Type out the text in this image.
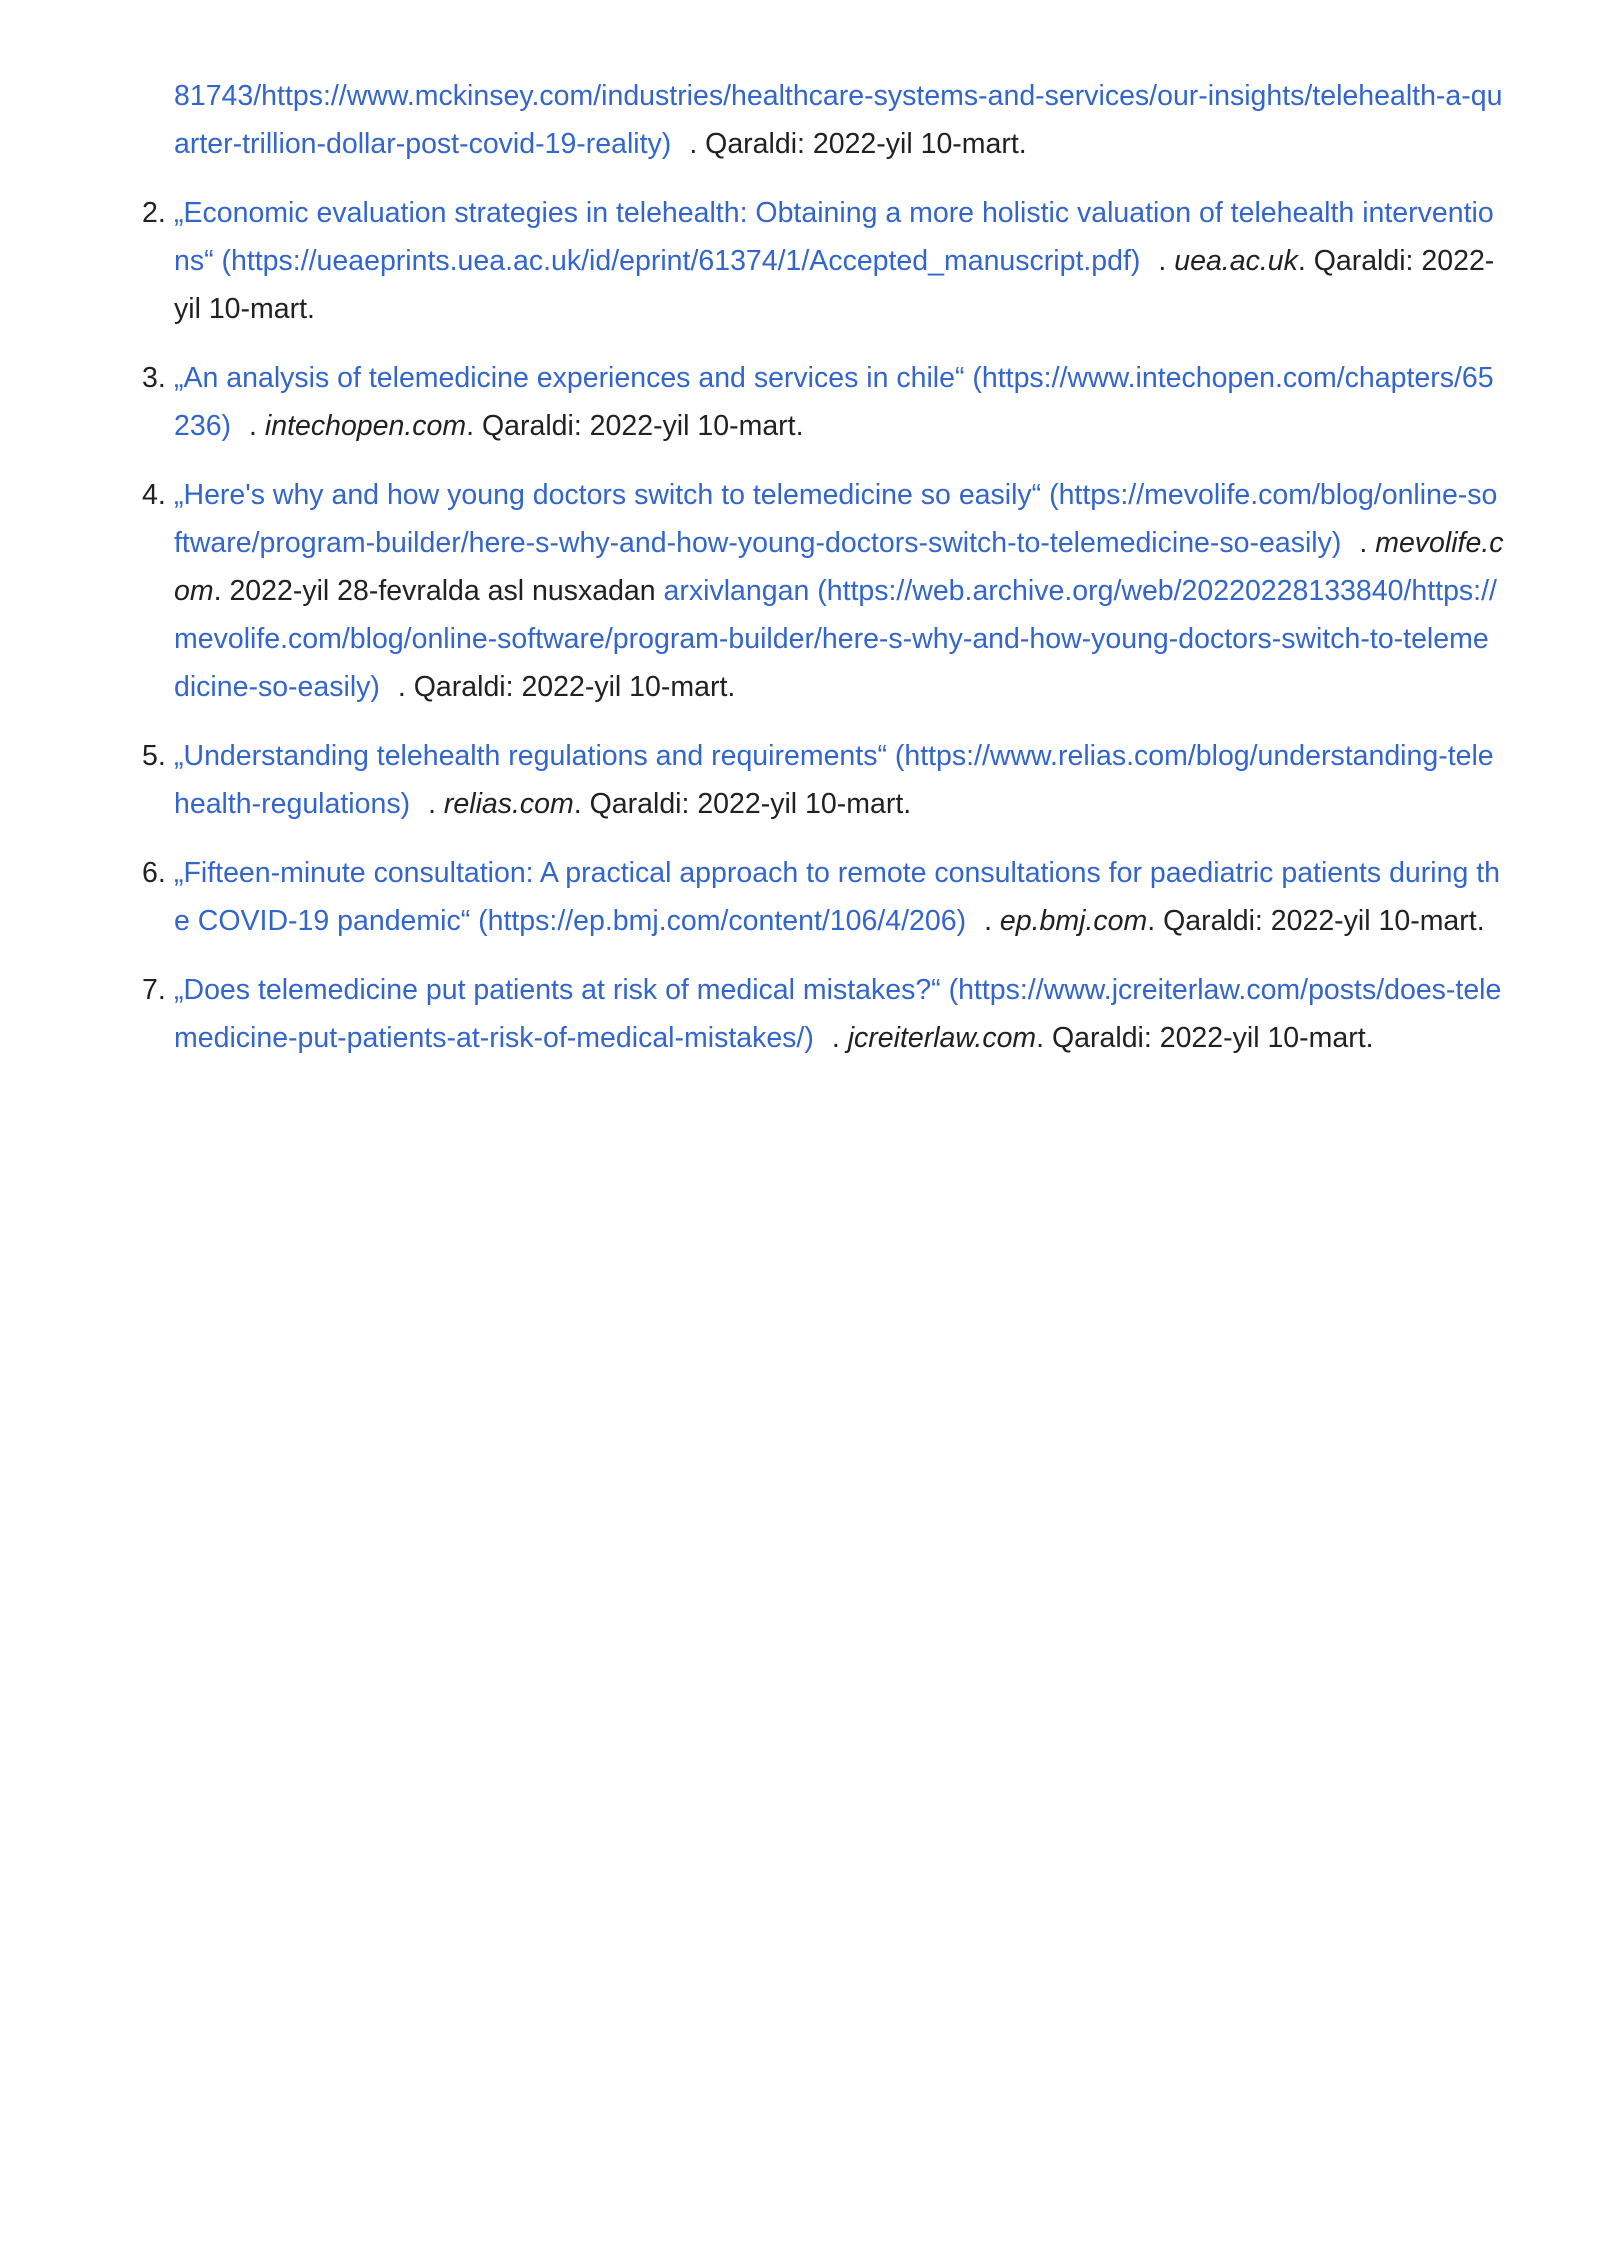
81743/https://www.mckinsey.com/industries/healthcare-systems-and-services/our-insights/telehealth-a-quarter-trillion-dollar-post-covid-19-reality) . Qaraldi: 2022-yil 10-mart.
2. „Economic evaluation strategies in telehealth: Obtaining a more holistic valuation of telehealth interventions“ (https://ueaeprints.uea.ac.uk/id/eprint/61374/1/Accepted_manuscript.pdf) . uea.ac.uk. Qaraldi: 2022-yil 10-mart.
3. „An analysis of telemedicine experiences and services in chile“ (https://www.intechopen.com/chapters/65236) . intechopen.com. Qaraldi: 2022-yil 10-mart.
4. „Here's why and how young doctors switch to telemedicine so easily“ (https://mevolife.com/blog/online-software/program-builder/here-s-why-and-how-young-doctors-switch-to-telemedicine-so-easily) . mevolife.com. 2022-yil 28-fevralda asl nusxadan arxivlangan (https://web.archive.org/web/20220228133840/https://mevolife.com/blog/online-software/program-builder/here-s-why-and-how-young-doctors-switch-to-telemedicine-so-easily) . Qaraldi: 2022-yil 10-mart.
5. „Understanding telehealth regulations and requirements“ (https://www.relias.com/blog/understanding-telehealth-regulations) . relias.com. Qaraldi: 2022-yil 10-mart.
6. „Fifteen-minute consultation: A practical approach to remote consultations for paediatric patients during the COVID-19 pandemic“ (https://ep.bmj.com/content/106/4/206) . ep.bmj.com. Qaraldi: 2022-yil 10-mart.
7. „Does telemedicine put patients at risk of medical mistakes?“ (https://www.jcreiterlaw.com/posts/does-telemedicine-put-patients-at-risk-of-medical-mistakes/) . jcreiterlaw.com. Qaraldi: 2022-yil 10-mart.
